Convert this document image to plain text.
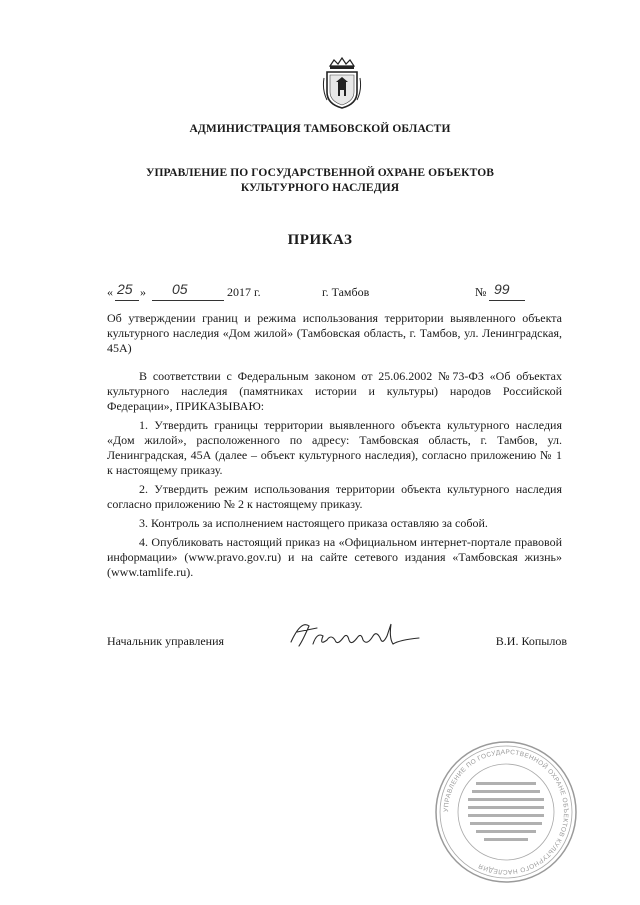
АДМИНИСТРАЦИЯ ТАМБОВСКОЙ ОБЛАСТИ
УПРАВЛЕНИЕ ПО ГОСУДАРСТВЕННОЙ ОХРАНЕ ОБЪЕКТОВ
КУЛЬТУРНОГО НАСЛЕДИЯ
ПРИКАЗ
« 25 » 05	2017 г.	г. Тамбов	№ 99
Об утверждении границ и режима использования территории выявленного объекта культурного наследия «Дом жилой» (Тамбовская область, г. Тамбов, ул. Ленинградская, 45А)

В соответствии с Федеральным законом от 25.06.2002 №73-ФЗ «Об объектах культурного наследия (памятниках истории и культуры) народов Российской Федерации», ПРИКАЗЫВАЮ:

1. Утвердить границы территории выявленного объекта культурного наследия «Дом жилой», расположенного по адресу: Тамбовская область, г. Тамбов, ул. Ленинградская, 45А (далее – объект культурного наследия), согласно приложению № 1 к настоящему приказу.

2. Утвердить режим использования территории объекта культурного наследия согласно приложению № 2 к настоящему приказу.

3. Контроль за исполнением настоящего приказа оставляю за собой.

4. Опубликовать настоящий приказ на «Официальном интернет-портале правовой информации» (www.pravo.gov.ru) и на сайте сетевого издания «Тамбовская жизнь» (www.tamlife.ru).

Начальник управления	В.И. Копылов
УПРАВЛЕНИЕ ПО ГОСУДАРСТВЕННОЙ ОХРАНЕ ОБЪЕКТОВ КУЛЬТУРНОГО НАСЛЕДИЯ
